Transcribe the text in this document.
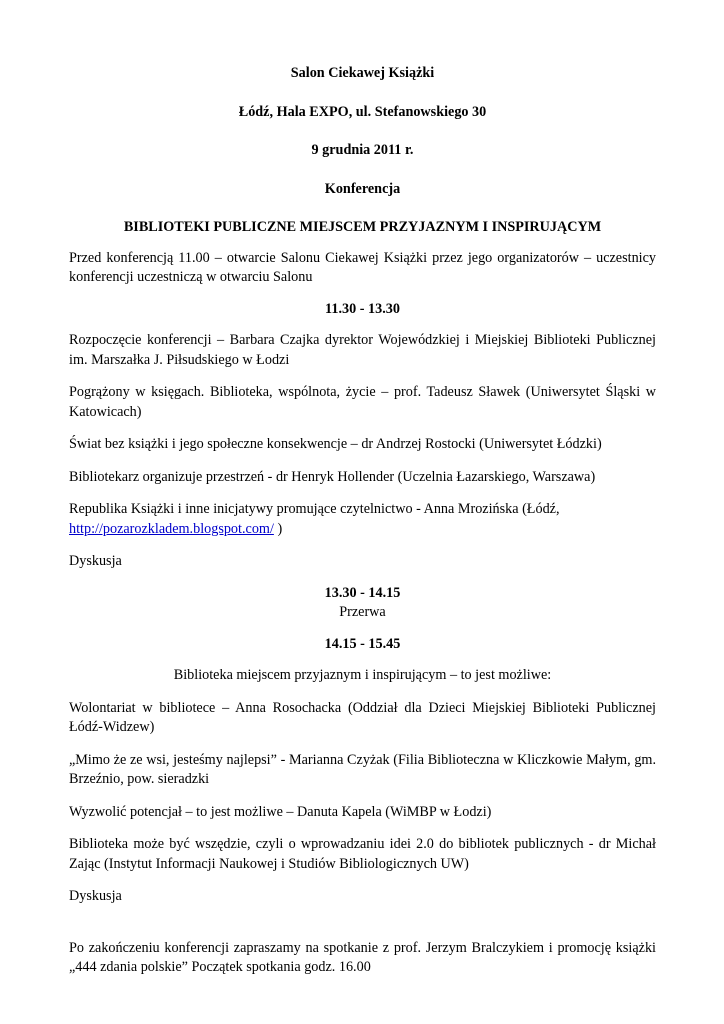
Salon Ciekawej Książki

Łódź, Hala EXPO, ul. Stefanowskiego 30

9 grudnia 2011 r.

Konferencja

BIBLIOTEKI PUBLICZNE MIEJSCEM PRZYJAZNYM I INSPIRUJĄCYM

Przed konferencją 11.00 – otwarcie Salonu Ciekawej Książki przez jego organizatorów – uczestnicy konferencji uczestniczą w otwarciu Salonu

11.30 - 13.30

Rozpoczęcie konferencji – Barbara Czajka dyrektor Wojewódzkiej i Miejskiej Biblioteki Publicznej im. Marszałka J. Piłsudskiego w Łodzi

Pogrążony w księgach. Biblioteka, wspólnota, życie – prof. Tadeusz Sławek (Uniwersytet Śląski w Katowicach)

Świat bez książki i jego społeczne konsekwencje – dr Andrzej Rostocki (Uniwersytet Łódzki)

Bibliotekarz organizuje przestrzeń - dr Henryk Hollender (Uczelnia Łazarskiego, Warszawa)

Republika Książki i inne inicjatywy promujące czytelnictwo - Anna Mrozińska (Łódź,
http://pozarozkladem.blogspot.com/ )

Dyskusja

13.30 - 14.15

Przerwa

14.15 - 15.45

Biblioteka miejscem przyjaznym i inspirującym – to jest możliwe:

Wolontariat w bibliotece – Anna Rosochacka (Oddział dla Dzieci Miejskiej Biblioteki Publicznej Łódź-Widzew)

„Mimo że ze wsi, jesteśmy najlepsi” - Marianna Czyżak (Filia Biblioteczna w Kliczkowie Małym, gm. Brzeźnio, pow. sieradzki

Wyzwolić potencjał – to jest możliwe – Danuta Kapela (WiMBP w Łodzi)

Biblioteka może być wszędzie, czyli o wprowadzaniu idei 2.0 do bibliotek publicznych - dr Michał Zając (Instytut Informacji Naukowej i Studiów Bibliologicznych UW)

Dyskusja

Po zakończeniu konferencji zapraszamy na spotkanie z prof. Jerzym Bralczykiem i promocję książki „444 zdania polskie” Początek spotkania godz. 16.00
